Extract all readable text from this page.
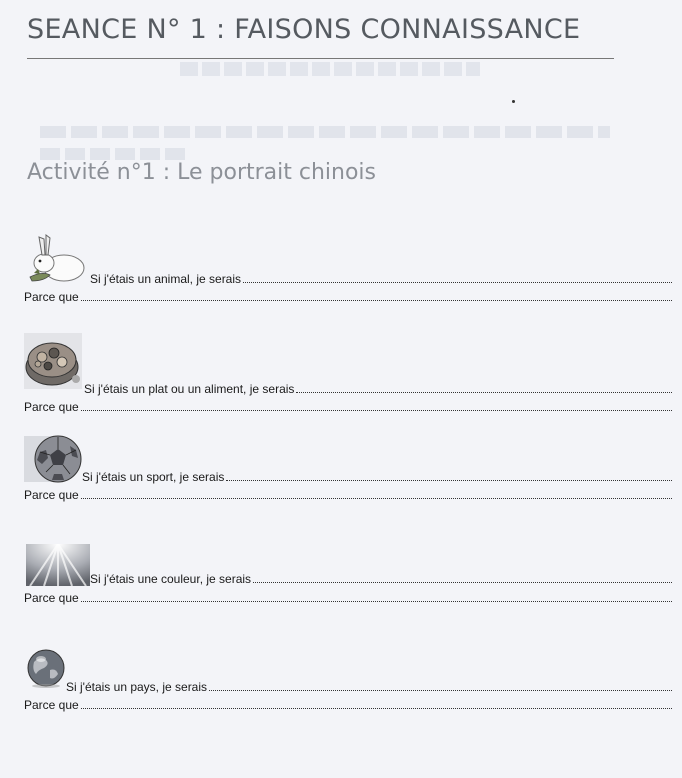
SEANCE N° 1 : FAISONS CONNAISSANCE
Activité n°1 : Le portrait chinois
Si j'étais un animal, je serais
Parce que
Si j'étais un plat ou un aliment, je serais
Parce que
Si j'étais un sport, je serais
Parce que
Si j'étais une couleur, je serais
Parce que
Si j'étais un pays, je serais
Parce que
